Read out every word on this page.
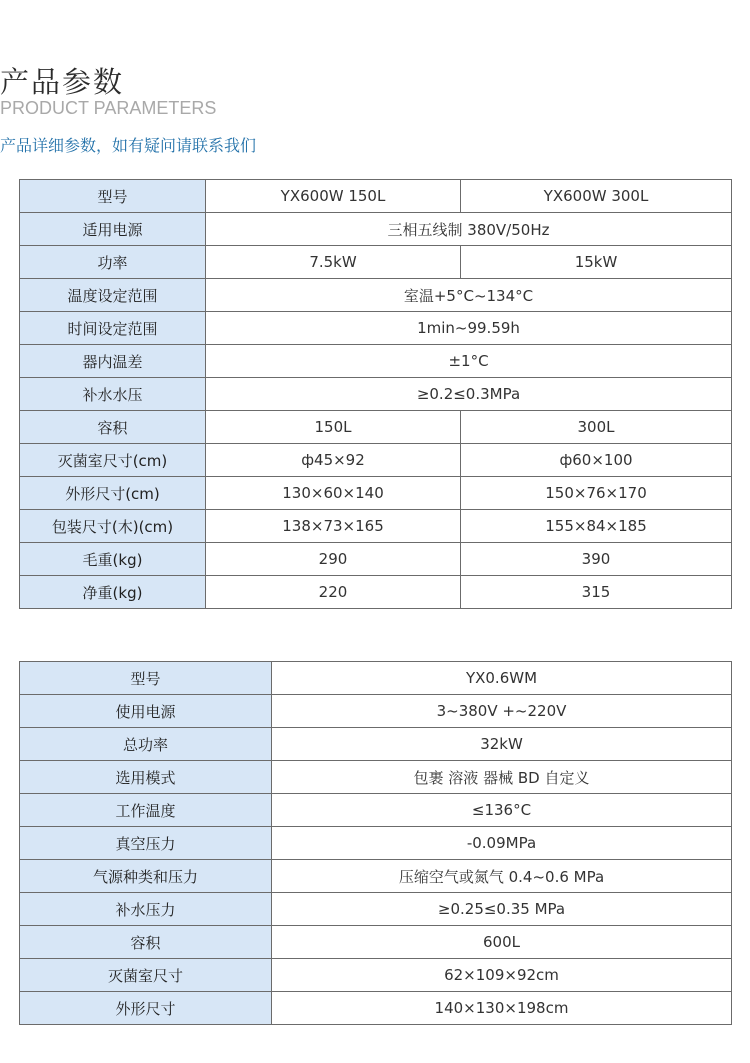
产品参数
PRODUCT PARAMETERS
产品详细参数，如有疑问请联系我们
型号	YX600W 150L	YX600W 300L
适用电源	三相五线制 380V/50Hz	
功率	7.5kW	15kW
温度设定范围	室温+5°C~134°C	
时间设定范围	1min~99.59h	
器内温差	±1°C	
补水水压	≥0.2≤0.3MPa	
容积	150L	300L
灭菌室尺寸(cm)	ф45×92	ф60×100
外形尺寸(cm)	130×60×140	150×76×170
包装尺寸(木)(cm)	138×73×165	155×84×185
毛重(kg)	290	390
净重(kg)	220	315
型号	YX0.6WM
使用电源	3~380V +~220V
总功率	32kW
选用模式	包裹 溶液 器械 BD 自定义
工作温度	≤136°C
真空压力	-0.09MPa
气源种类和压力	压缩空气或氮气 0.4~0.6 MPa
补水压力	≥0.25≤0.35 MPa
容积	600L
灭菌室尺寸	62×109×92cm
外形尺寸	140×130×198cm
